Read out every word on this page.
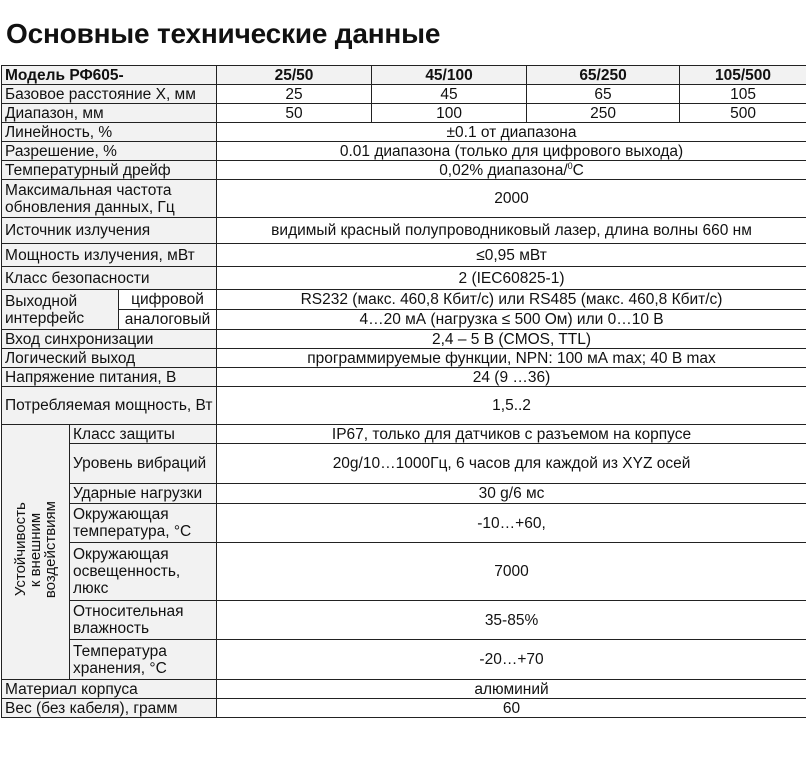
Основные технические данные
Модель РФ605-			25/50	45/100	65/250	105/500
Базовое расстояние X, мм			25	45	65	105
Диапазон, мм			50	100	250	500
Линейность, %			±0.1 от диапазона			
Разрешение, %			0.01 диапазона (только для цифрового выхода)			
Температурный дрейф			0,02% диапазона/$^0$С			
Максимальная частота обновления данных, Гц			2000			
Источник излучения			видимый красный полупроводниковый лазер, длина волны 660 нм			
Мощность излучения, мВт			≤0,95 мВт			
Класс безопасности			2 (IEC60825-1)			
Выходной интерфейс		цифровой	RS232 (макс. 460,8 Кбит/с) или RS485 (макс. 460,8 Кбит/с)			
		аналоговый	4…20 мА (нагрузка ≤ 500 Ом) или 0…10 В			
Вход синхронизации			2,4 – 5 В (CMOS, TTL)			
Логический выход			программируемые функции, NPN: 100 мА max; 40 В max			
Напряжение питания, В			24 (9 …36)			
Потребляемая мощность, Вт			1,5..2			
Устойчивость
к внешним
воздействиям	Класс защиты		IP67, только для датчиков с разъемом на корпусе			
	Уровень вибраций		20g/10…1000Гц, 6 часов для каждой из XYZ осей			
	Ударные нагрузки		30 g/6 мс			
	Окружающая температура, °С		-10…+60,			
	Окружающая освещенность, люкс		7000			
	Относительная влажность		35-85%			
	Температура хранения, °С		-20…+70			
Материал корпуса			алюминий			
Вес (без кабеля), грамм			60			
